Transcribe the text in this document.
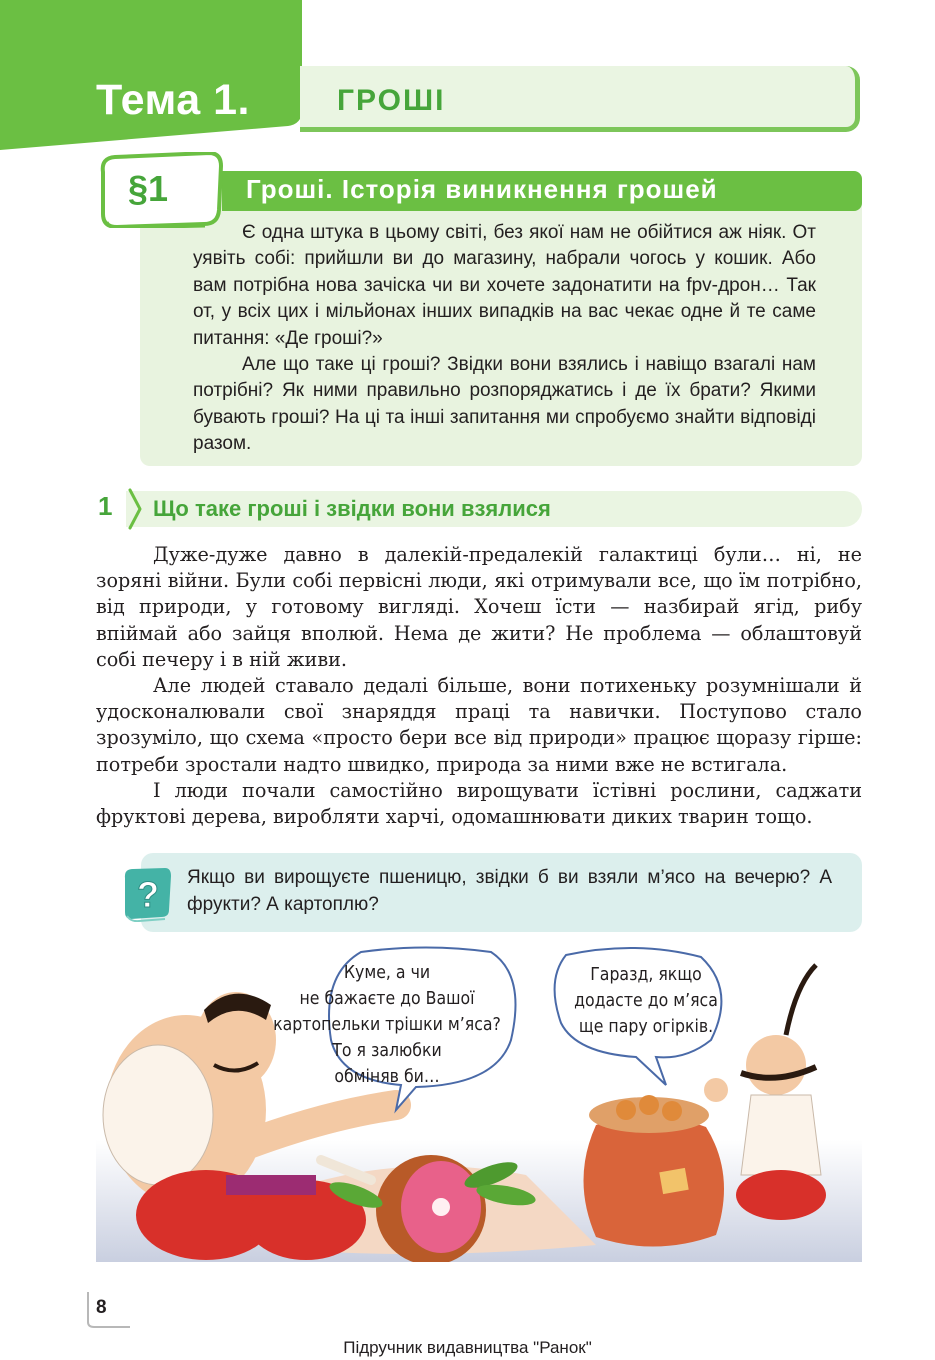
Тема 1.	ГРОШІ
Гроші. Історія виникнення грошей
§1

Є одна штука в цьому світі, без якої нам не обійтися аж ніяк. От уявіть собі: прийшли ви до магазину, набрали чогось у кошик. Або вам потрібна нова зачіска чи ви хочете задонатити на fpv-дрон… Так от, у всіх цих і мільйонах інших випадків на вас чекає одне й те саме питання: «Де гроші?»

Але що таке ці гроші? Звідки вони взялись і навіщо взагалі нам потрібні? Як ними правильно розпоряджатись і де їх брати? Якими бувають гроші? На ці та інші запитання ми спробуємо знайти відповіді разом.

1 Що таке гроші і звідки вони взялися

Дуже-дуже давно в далекій-предалекій галактиці були… ні, не зоряні війни. Були собі первісні люди, які отримували все, що їм потрібно, від природи, у готовому вигляді. Хочеш їсти — назбирай ягід, рибу впіймай або зайця вполюй. Нема де жити? Не проблема — облаштовуй собі печеру і в ній живи.

Але людей ставало дедалі більше, вони потихеньку розумнішали й удосконалювали свої знаряддя праці та навички. Поступово стало зрозуміло, що схема «просто бери все від природи» працює щоразу гірше: потреби зростали надто швидко, природа за ними вже не встигала.

І люди почали самостійно вирощувати їстівні рослини, саджати фруктові дерева, виробляти харчі, одомашнювати диких тварин тощо.

? Якщо ви вирощуєте пшеницю, звідки б ви взяли м’ясо на вечерю? А фрукти? А картоплю?
Куме, а чи
не бажаєте до Вашої
картопельки трішки м’яса?
То я залюбки
обміняв би…
Гаразд, якщо
додасте до м’яса
ще пару огірків.
8
Підручник видавництва "Ранок"
